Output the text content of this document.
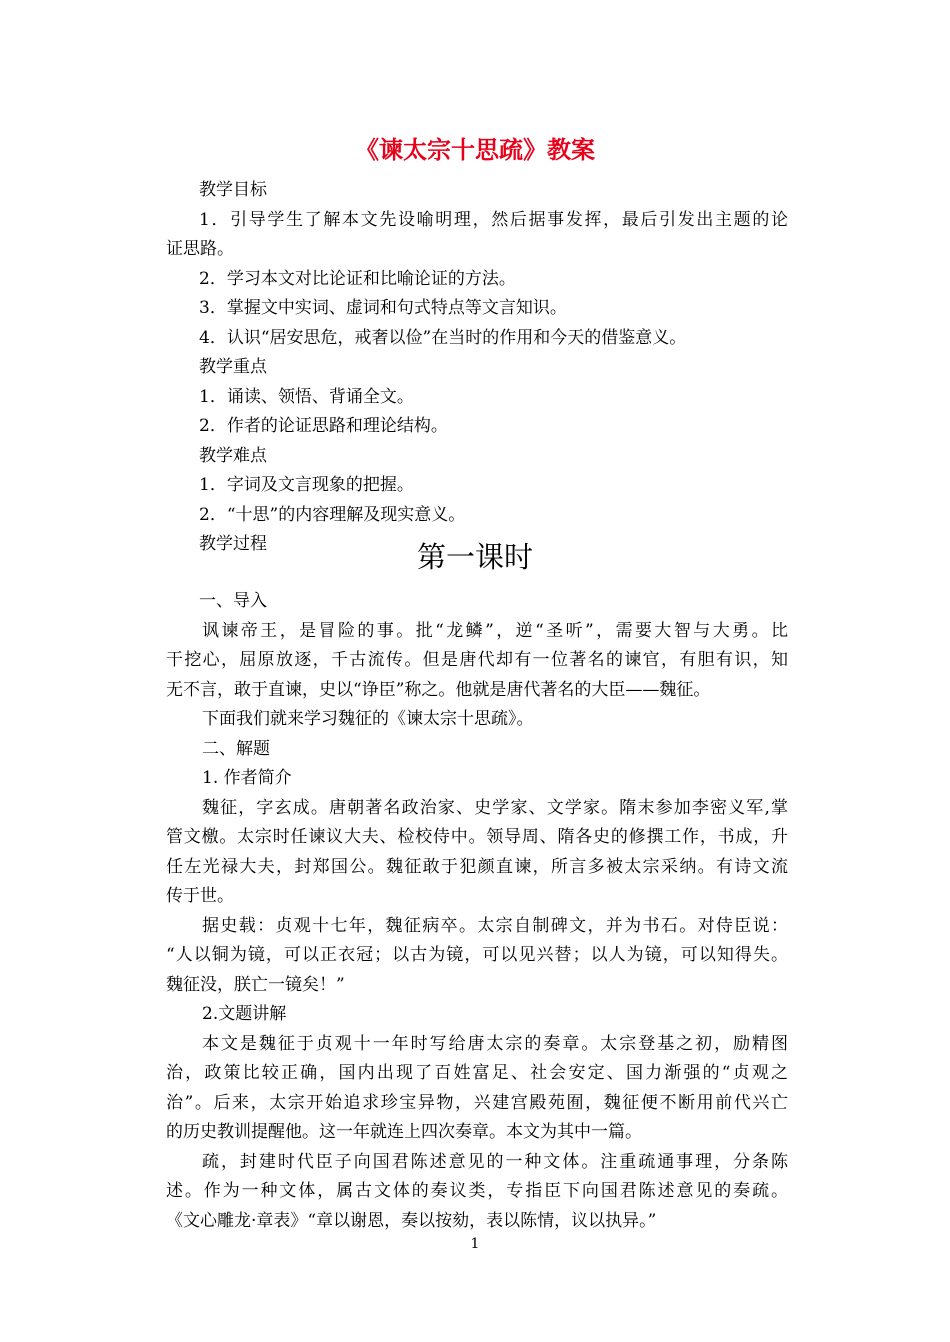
《谏太宗十思疏》教案
教学目标
1．引导学生了解本文先设喻明理，然后据事发挥，最后引发出主题的论
证思路。
2．学习本文对比论证和比喻论证的方法。
3．掌握文中实词、虚词和句式特点等文言知识。
4．认识“居安思危，戒奢以俭”在当时的作用和今天的借鉴意义。
教学重点
1．诵读、领悟、背诵全文。
2．作者的论证思路和理论结构。
教学难点
1．字词及文言现象的把握。
2．“十思”的内容理解及现实意义。
教学过程	第一课时
一、导入
讽谏帝王，是冒险的事。批“龙鳞”，逆“圣听”，需要大智与大勇。比
干挖心，屈原放逐，千古流传。但是唐代却有一位著名的谏官，有胆有识，知
无不言，敢于直谏，史以“诤臣”称之。他就是唐代著名的大臣——魏征。
下面我们就来学习魏征的《谏太宗十思疏》。
二、解题
1. 作者简介
魏征，字玄成。唐朝著名政治家、史学家、文学家。隋末参加李密义军,掌
管文檄。太宗时任谏议大夫、检校侍中。领导周、隋各史的修撰工作，书成，升
任左光禄大夫，封郑国公。魏征敢于犯颜直谏，所言多被太宗采纳。有诗文流
传于世。
据史载：贞观十七年，魏征病卒。太宗自制碑文，并为书石。对侍臣说：
“人以铜为镜，可以正衣冠；以古为镜，可以见兴替；以人为镜，可以知得失。
魏征没，朕亡一镜矣！”
2.文题讲解
本文是魏征于贞观十一年时写给唐太宗的奏章。太宗登基之初，励精图
治，政策比较正确，国内出现了百姓富足、社会安定、国力渐强的“贞观之
治”。后来，太宗开始追求珍宝异物，兴建宫殿苑囿，魏征便不断用前代兴亡
的历史教训提醒他。这一年就连上四次奏章。本文为其中一篇。
疏，封建时代臣子向国君陈述意见的一种文体。注重疏通事理，分条陈
述。作为一种文体，属古文体的奏议类，专指臣下向国君陈述意见的奏疏。
《文心雕龙·章表》“章以谢恩，奏以按劾，表以陈情，议以执异。”
1
